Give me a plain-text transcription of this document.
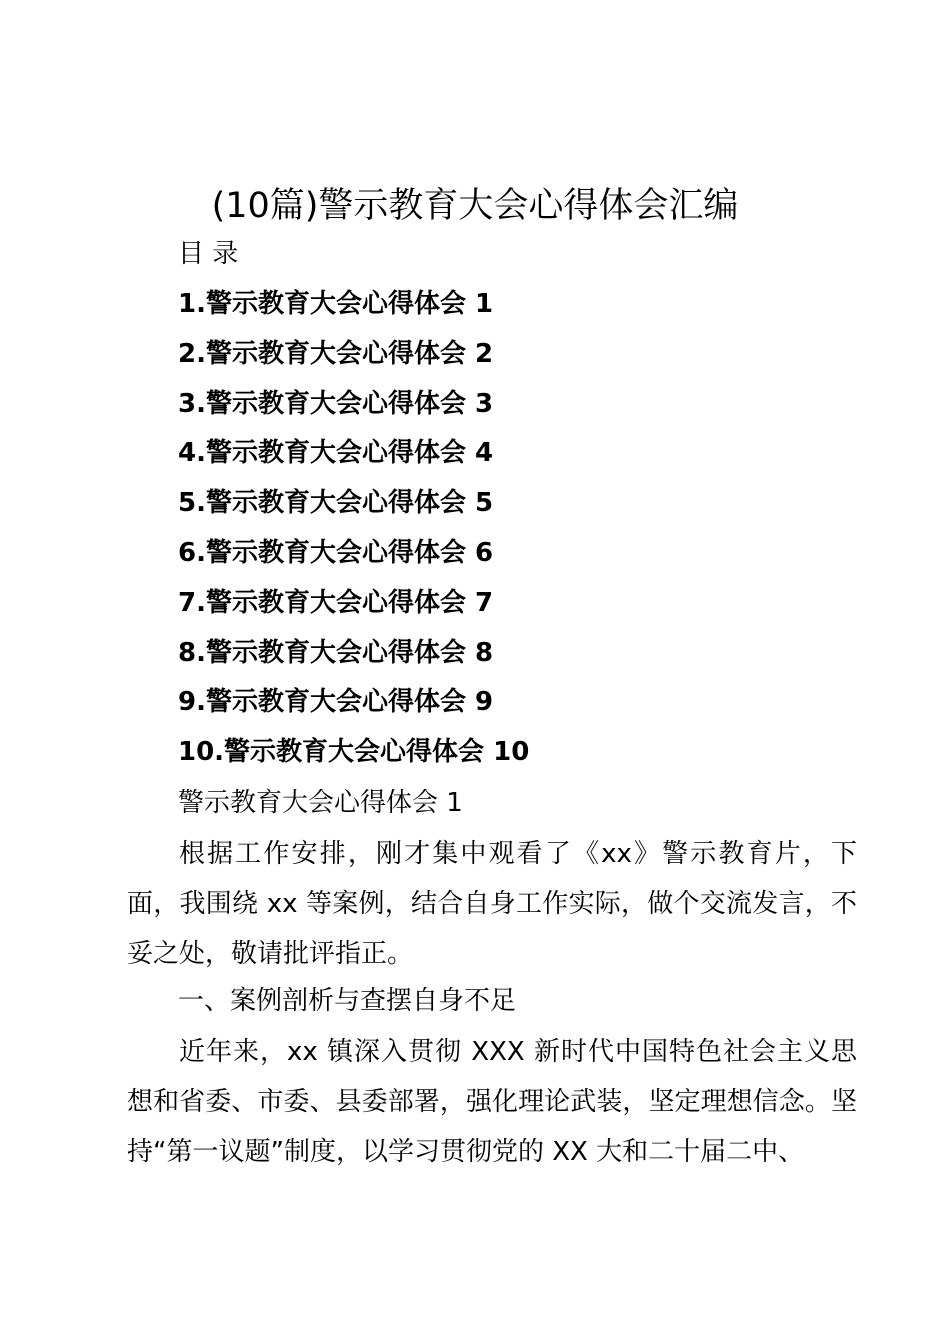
(10篇)警示教育大会心得体会汇编
目 录
1.警示教育大会心得体会 1
2.警示教育大会心得体会 2
3.警示教育大会心得体会 3
4.警示教育大会心得体会 4
5.警示教育大会心得体会 5
6.警示教育大会心得体会 6
7.警示教育大会心得体会 7
8.警示教育大会心得体会 8
9.警示教育大会心得体会 9
10.警示教育大会心得体会 10
警示教育大会心得体会 1

根据工作安排，刚才集中观看了《xx》警示教育片，下面，我围绕 xx 等案例，结合自身工作实际，做个交流发言，不妥之处，敬请批评指正。

一、案例剖析与查摆自身不足

近年来，xx 镇深入贯彻 XXX 新时代中国特色社会主义思想和省委、市委、县委部署，强化理论武装，坚定理想信念。坚持“第一议题”制度，以学习贯彻党的 XX 大和二十届二中、
